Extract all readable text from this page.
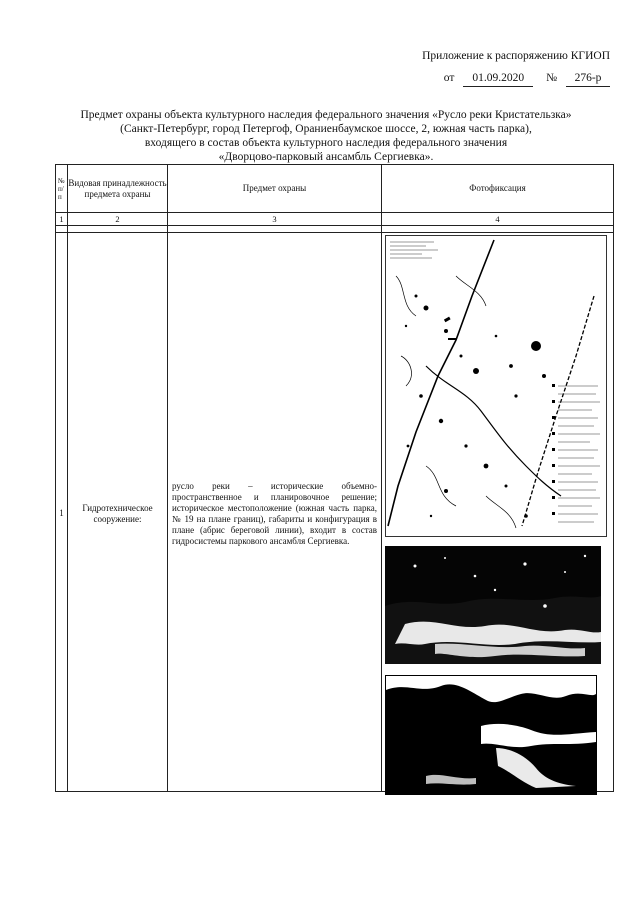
Приложение к распоряжению КГИОП
от 01.09.2020 № 276-р
Предмет охраны объекта культурного наследия федерального значения «Русло реки Кристательзка»
(Санкт-Петербург, город Петергоф, Ораниенбаумское шоссе, 2, южная часть парка),
входящего в состав объекта культурного наследия федерального значения
«Дворцово-парковый ансамбль Сергиевка».
№ п/п	Видовая принадлежность предмета охраны	Предмет охраны	Фотофиксация
1	2	3	4

1	Гидротехническое сооружение:	русло реки – исторические объемно-пространственное и планировочное решение; историческое местоположение (южная часть парка, № 19 на плане границ), габариты и конфигурация в плане (абрис береговой линии), входит в состав гидросистемы паркового ансамбля Сергиевка.	
